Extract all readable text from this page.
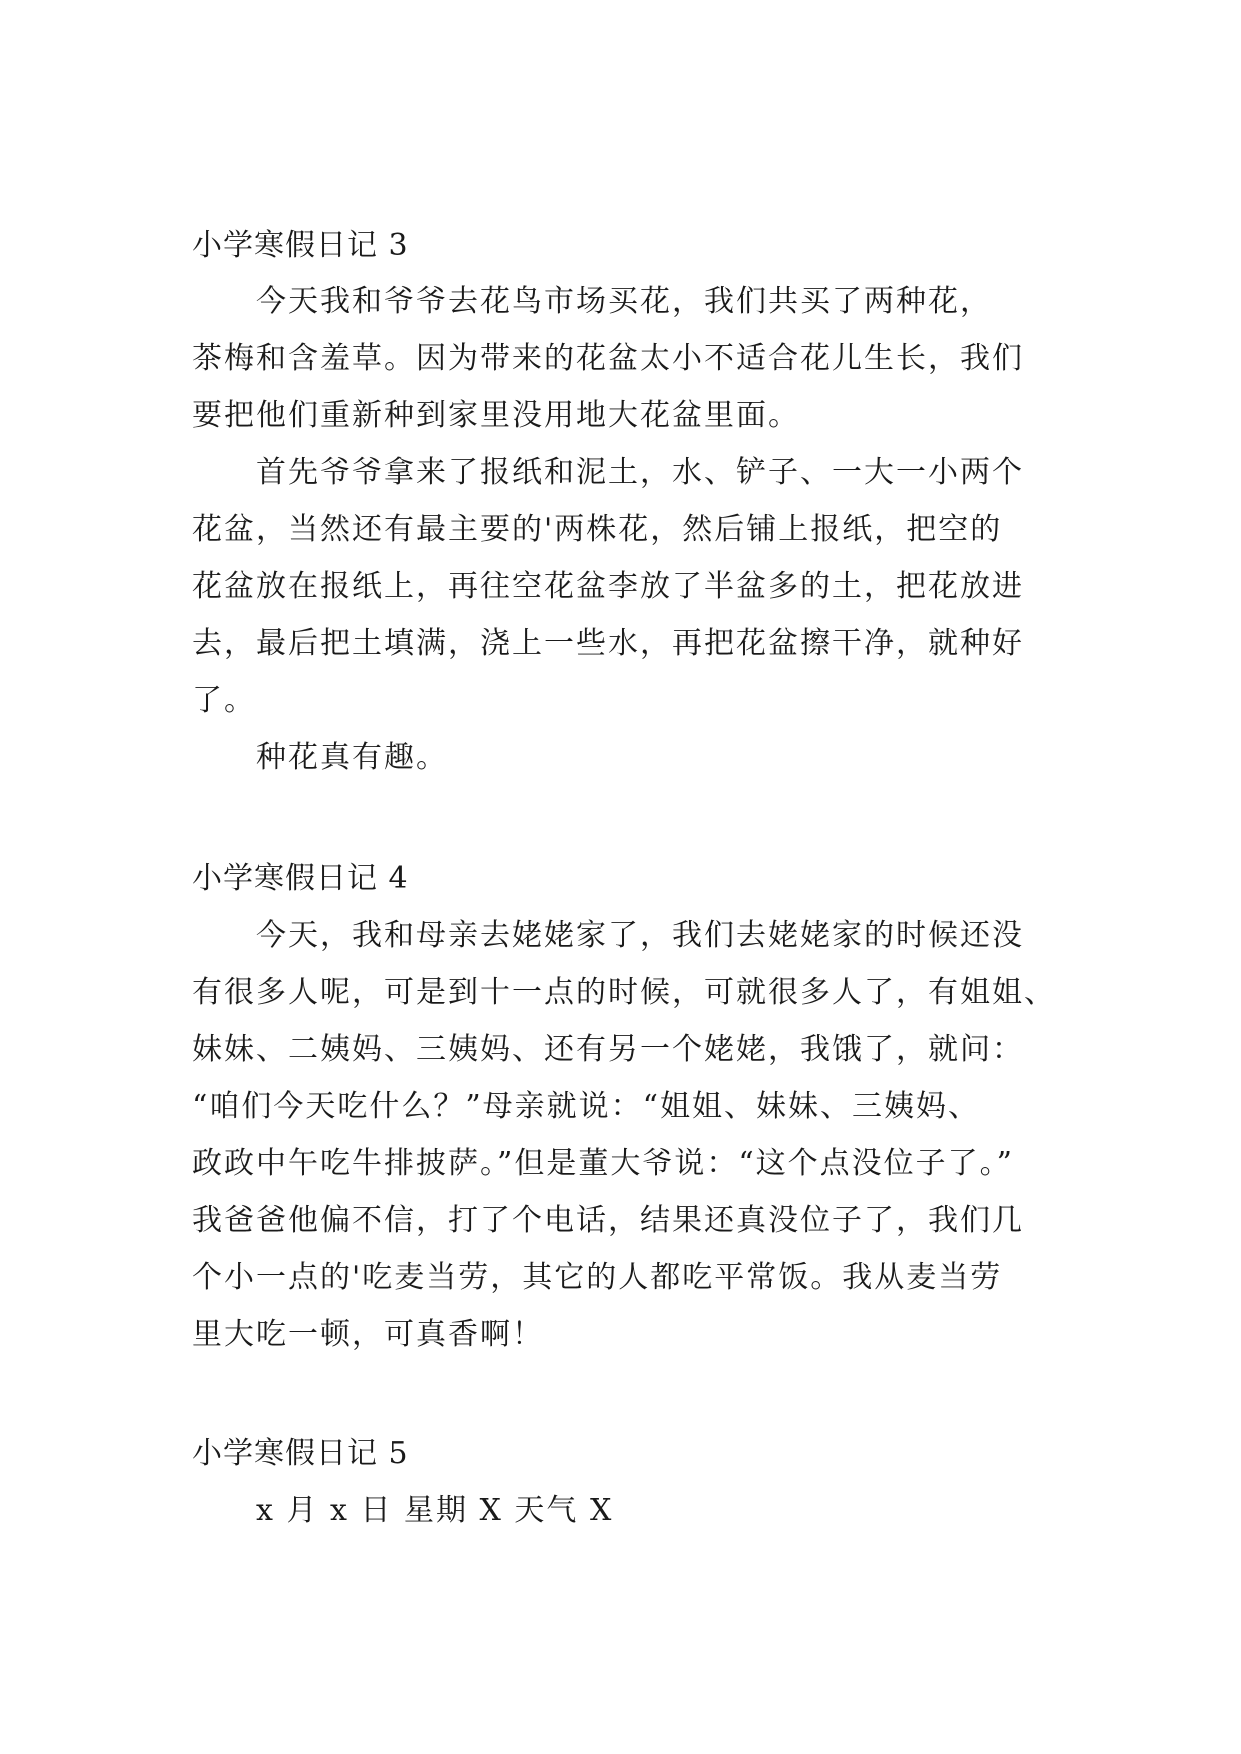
小学寒假日记 3
今天我和爷爷去花鸟市场买花，我们共买了两种花，
茶梅和含羞草。因为带来的花盆太小不适合花儿生长，我们
要把他们重新种到家里没用地大花盆里面。
首先爷爷拿来了报纸和泥土，水、铲子、一大一小两个
花盆，当然还有最主要的'两株花，然后铺上报纸，把空的
花盆放在报纸上，再往空花盆李放了半盆多的土，把花放进
去，最后把土填满，浇上一些水，再把花盆擦干净，就种好
了。
种花真有趣。
小学寒假日记 4
今天，我和母亲去姥姥家了，我们去姥姥家的时候还没
有很多人呢，可是到十一点的时候，可就很多人了，有姐姐、
妹妹、二姨妈、三姨妈、还有另一个姥姥，我饿了，就问：
“咱们今天吃什么？”母亲就说：“姐姐、妹妹、三姨妈、
政政中午吃牛排披萨。”但是董大爷说：“这个点没位子了。”
我爸爸他偏不信，打了个电话，结果还真没位子了，我们几
个小一点的'吃麦当劳，其它的人都吃平常饭。我从麦当劳
里大吃一顿，可真香啊！
小学寒假日记 5
x 月 x 日 星期 X 天气 X
